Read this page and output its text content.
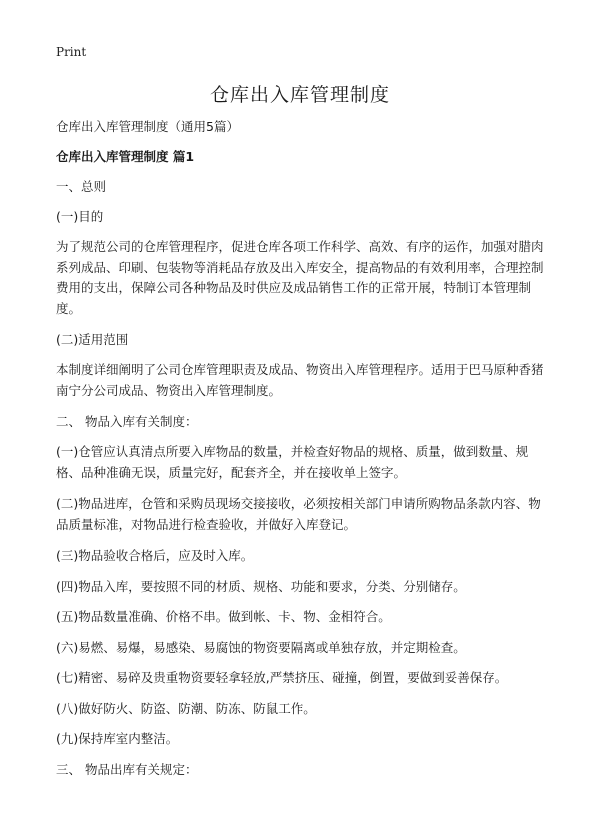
Print
仓库出入库管理制度

仓库出入库管理制度（通用5篇）

仓库出入库管理制度 篇1

一、总则

(一)目的

为了规范公司的仓库管理程序，促进仓库各项工作科学、高效、有序的运作，加强对腊肉系列成品、印刷、包装物等消耗品存放及出入库安全，提高物品的有效利用率，合理控制费用的支出，保障公司各种物品及时供应及成品销售工作的正常开展，特制订本管理制度。

(二)适用范围

本制度详细阐明了公司仓库管理职责及成品、物资出入库管理程序。适用于巴马原种香猪南宁分公司成品、物资出入库管理制度。

二、 物品入库有关制度：

(一)仓管应认真清点所要入库物品的数量，并检查好物品的规格、质量，做到数量、规格、品种准确无误，质量完好，配套齐全，并在接收单上签字。

(二)物品进库，仓管和采购员现场交接接收，必须按相关部门申请所购物品条款内容、物品质量标准，对物品进行检查验收，并做好入库登记。

(三)物品验收合格后，应及时入库。

(四)物品入库，要按照不同的材质、规格、功能和要求，分类、分别储存。

(五)物品数量准确、价格不串。做到帐、卡、物、金相符合。

(六)易燃、易爆，易感染、易腐蚀的物资要隔离或单独存放，并定期检查。

(七)精密、易碎及贵重物资要轻拿轻放,严禁挤压、碰撞，倒置，要做到妥善保存。

(八)做好防火、防盗、防潮、防冻、防鼠工作。

(九)保持库室内整洁。

三、 物品出库有关规定：
